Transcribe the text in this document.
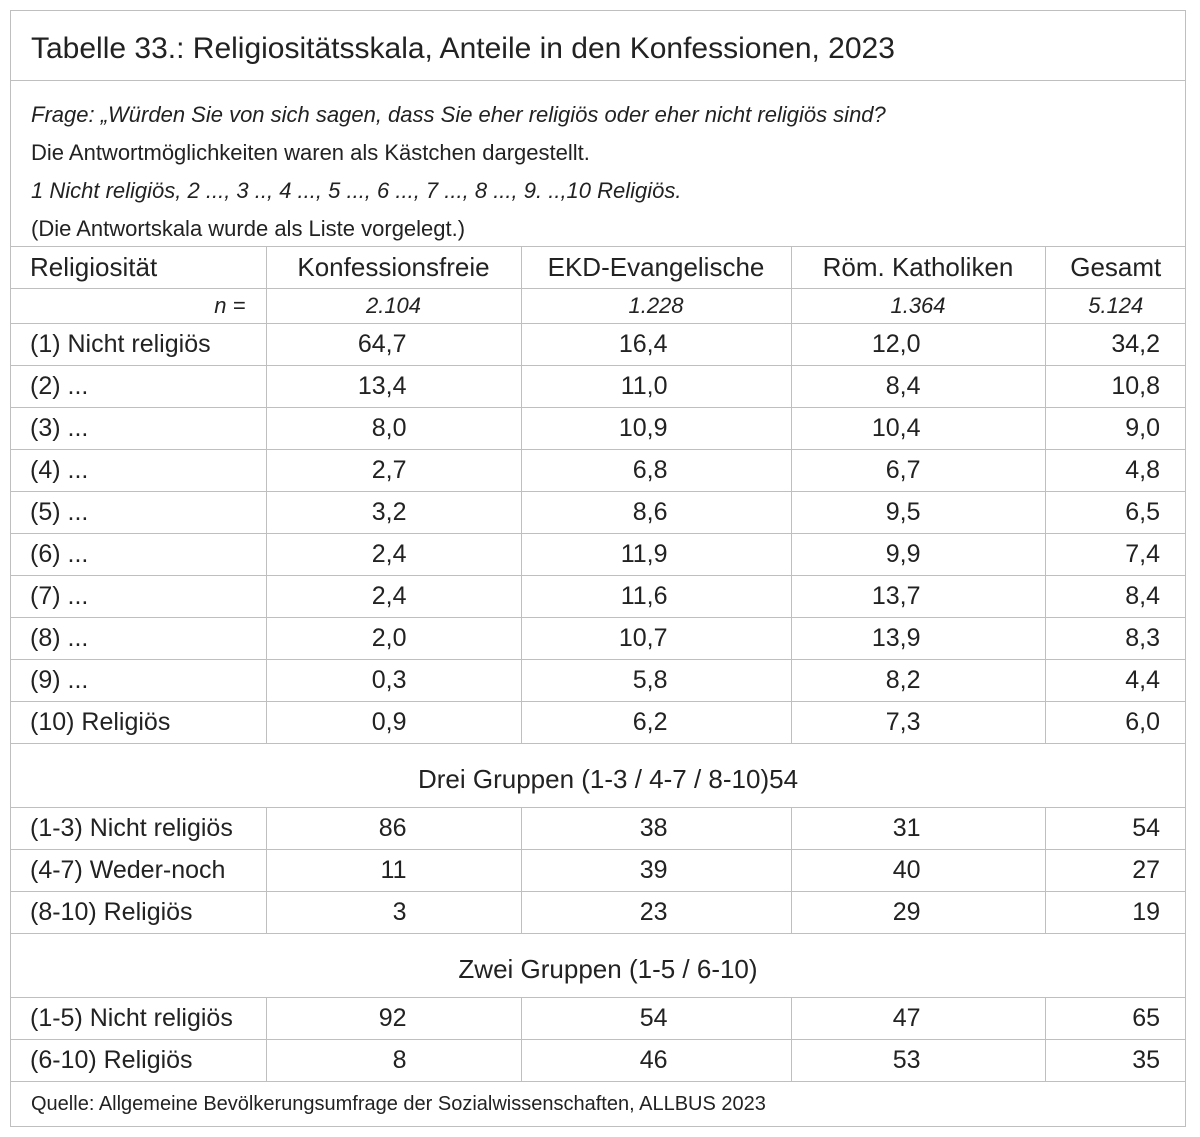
Tabelle 33.: Religiositätsskala, Anteile in den Konfessionen, 2023
Frage: „Würden Sie von sich sagen, dass Sie eher religiös oder eher nicht religiös sind?
Die Antwortmöglichkeiten waren als Kästchen dargestellt.
1 Nicht religiös, 2 ..., 3 .., 4 ..., 5 ..., 6 ..., 7 ..., 8 ..., 9. ..,10 Religiös.
(Die Antwortskala wurde als Liste vorgelegt.)
Religiosität	Konfessionsfreie	EKD-Evangelische	Röm. Katholiken	Gesamt
n =	2.104	1.228	1.364	5.124
(1) Nicht religiös	64,7	16,4	12,0	34,2
(2) ...	13,4	11,0	8,4	10,8
(3) ...	8,0	10,9	10,4	9,0
(4) ...	2,7	6,8	6,7	4,8
(5) ...	3,2	8,6	9,5	6,5
(6) ...	2,4	11,9	9,9	7,4
(7) ...	2,4	11,6	13,7	8,4
(8) ...	2,0	10,7	13,9	8,3
(9) ...	0,3	5,8	8,2	4,4
(10) Religiös	0,9	6,2	7,3	6,0
Drei Gruppen (1-3 / 4-7 / 8-10)54				
(1-3) Nicht religiös	86	38	31	54
(4-7) Weder-noch	11	39	40	27
(8-10) Religiös	3	23	29	19
Zwei Gruppen (1-5 / 6-10)				
(1-5) Nicht religiös	92	54	47	65
(6-10) Religiös	8	46	53	35
Quelle: Allgemeine Bevölkerungsumfrage der Sozialwissenschaften, ALLBUS 2023
